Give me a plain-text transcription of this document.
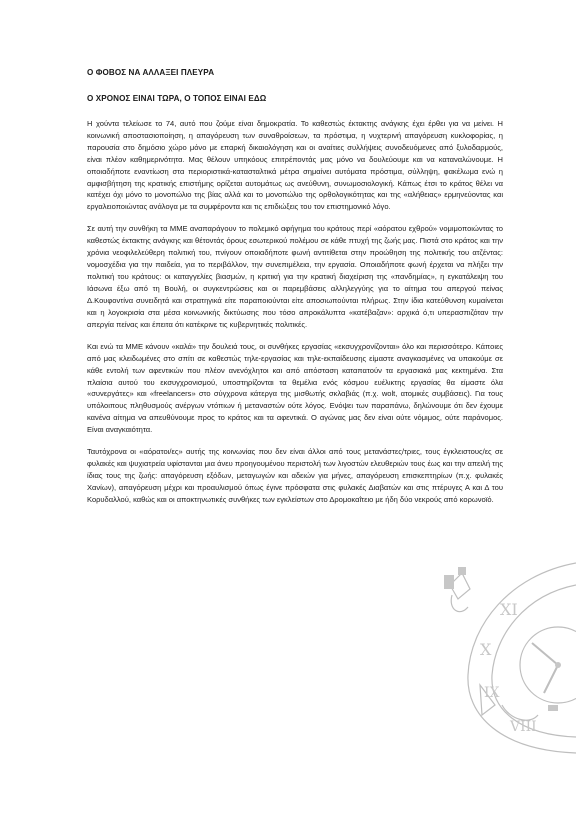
XI
X
IX
VIII

Ο ΦΟΒΟΣ ΝΑ ΑΛΛΑΞΕΙ ΠΛΕΥΡΑ

Ο ΧΡΟΝΟΣ ΕΙΝΑΙ ΤΩΡΑ, Ο ΤΟΠΟΣ ΕΙΝΑΙ ΕΔΩ

Η χούντα τελείωσε το 74, αυτό που ζούμε είναι δημοκρατία. Το καθεστώς έκτακτης ανάγκης έχει έρθει για να μείνει. Η κοινωνική αποστασιοποίηση, η απαγόρευση των συναθροίσεων, τα πρόστιμα, η νυχτερινή απαγόρευση κυκλοφορίας, η παρουσία στο δημόσιο χώρο μόνο με επαρκή δικαιολόγηση και οι αναίτιες συλλήψεις συνοδευόμενες από ξυλοδαρμούς, είναι πλέον καθημερινότητα. Μας θέλουν υπηκόους επιτρέποντάς μας μόνο να δουλεύουμε και να καταναλώνουμε. Η οποιαδήποτε εναντίωση στα περιοριστικά-κατασταλτικά μέτρα σημαίνει αυτόματα πρόστιμα, σύλληψη, φακέλωμα ενώ η αμφισβήτηση της κρατικής επιστήμης ορίζεται αυτομάτως ως ανεύθυνη, συνωμοσιολογική. Κάπως έτσι το κράτος θέλει να κατέχει όχι μόνο το μονοπώλιο της βίας αλλά και το μονοπώλιο της ορθολογικότητας και της «αλήθειας» ερμηνεύοντας και εργαλειοποιώντας ανάλογα με τα συμφέροντα και τις επιδιώξεις του τον επιστημονικό λόγο.

Σε αυτή την συνθήκη τα ΜΜΕ αναπαράγουν το πολεμικό αφήγημα του κράτους περί «αόρατου εχθρού» νομιμοποιώντας το καθεστώς έκτακτης ανάγκης και θέτοντάς όρους εσωτερικού πολέμου σε κάθε πτυχή της ζωής μας. Πιστά στο κράτος και την χρόνια νεοφιλελεύθερη πολιτική του, πνίγουν οποιαδήποτε φωνή αντιτίθεται στην προώθηση της πολιτικής του ατζέντας: νομοσχέδια για την παιδεία, για το περιβάλλον, την συνεπιμέλεια, την εργασία. Οποιαδήποτε φωνή έρχεται να πλήξει την πολιτική του κράτους: οι καταγγελίες βιασμών, η κριτική για την κρατική διαχείριση της «πανδημίας», η εγκατάλειψη του Ιάσωνα έξω από τη Βουλή, οι συγκεντρώσεις και οι παρεμβάσεις αλληλεγγύης για το αίτημα του απεργού πείνας Δ.Κουφοντίνα συνειδητά και στρατηγικά είτε παραποιούνται είτε αποσιωπούνται πλήρως. Στην ίδια κατεύθυνση κυμαίνεται και η λογοκρισία στα μέσα κοινωνικής δικτύωσης που τόσο απροκάλυπτα «κατέβαζαν»: αρχικά ό,τι υπερασπιζόταν την απεργία πείνας και έπειτα ότι κατέκρινε τις κυβερνητικές πολιτικές.

Και ενώ τα ΜΜΕ κάνουν «καλά» την δουλειά τους, οι συνθήκες εργασίας «εκσυγχρονίζονται» όλο και περισσότερο. Κάποιες από μας κλειδωμένες στο σπίτι σε καθεστώς τηλε-εργασίας και τηλε-εκπαίδευσης είμαστε αναγκασμένες να υπακούμε σε κάθε εντολή των αφεντικών που πλέον ανενόχλητοι και από απόσταση καταπατούν τα εργασιακά μας κεκτημένα. Στα πλαίσια αυτού του εκσυγχρονισμού, υποστηρίζονται τα θεμέλια ενός κόσμου ευέλικτης εργασίας θα είμαστε όλα «συνεργάτες» και «freelancers» στο σύγχρονα κάτεργα της μισθωτής σκλαβιάς (π.χ. wolt, ατομικές συμβάσεις). Για τους υπόλοιπους πληθυσμούς ανέργων ντόπιων ή μεταναστών ούτε λόγος. Ενόψει των παραπάνω, δηλώνουμε ότι δεν έχουμε κανένα αίτημα να απευθύνουμε προς το κράτος και τα αφεντικά. Ο αγώνας μας δεν είναι ούτε νόμιμος, ούτε παράνομος. Είναι αναγκαιότητα.

Ταυτόχρονα οι «αόρατοι/ες» αυτής της κοινωνίας που δεν είναι άλλοι από τους μετανάστες/τριες, τους έγκλειστους/ες σε φυλακές και ψυχιατρεία υφίστανται μια άνευ προηγουμένου περιστολή των λιγοστών ελευθεριών τους έως και την απειλή της ίδιας τους της ζωής: απαγόρευση εξόδων, μεταγωγών και αδειών για μήνες, απαγόρευση επισκεπτηρίων (π.χ. φυλακές Χανίων), απαγόρευση μέχρι και προαυλισμού όπως έγινε πρόσφατα στις φυλακές Διαβατών και στις πτέρυγες Α και Δ του Κορυδαλλού, καθώς και οι αποκτηνωτικές συνθήκες των εγκλείστων στο Δρομοκαΐτειο με ήδη δύο νεκρούς από κορωνοϊό.
